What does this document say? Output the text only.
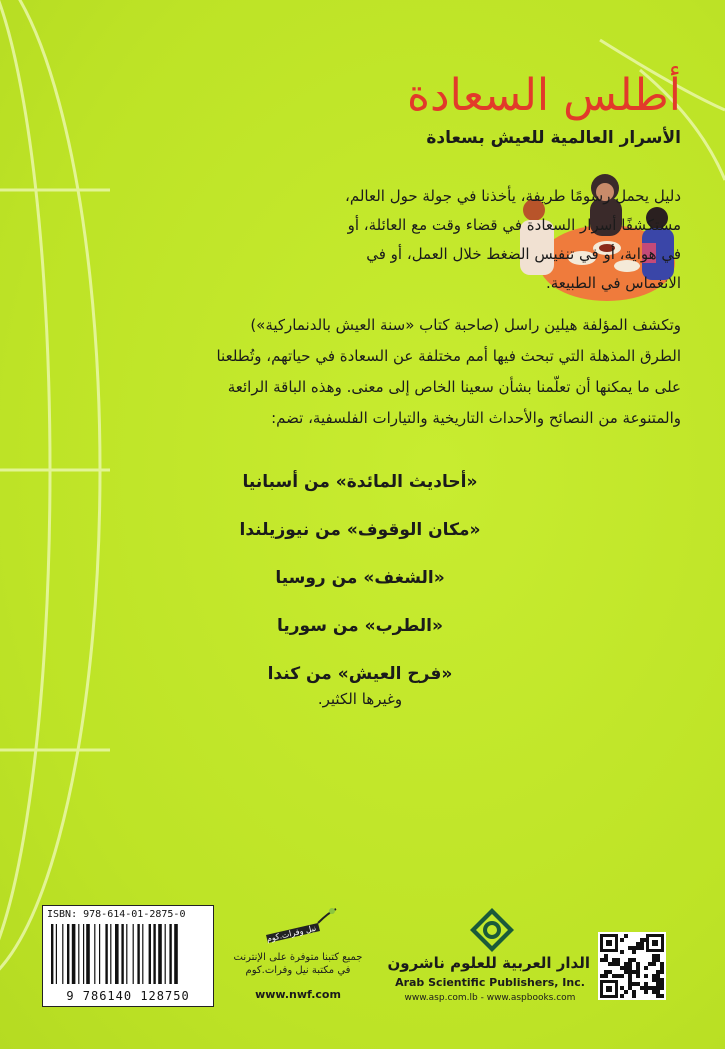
أطلس السعادة
الأسرار العالمية للعيش بسعادة
دليل يحمل رسومًا طريفة، يأخذنا في جولة حول العالم،
مستكشفًا أسرار السعادة في قضاء وقت مع العائلة، أو
في هواية، أو في تنفيس الضغط خلال العمل، أو في
الانغماس في الطبيعة.
وتكشف المؤلفة هيلين راسل (صاحبة كتاب «سنة العيش بالدنماركية»)
الطرق المذهلة التي تبحث فيها أمم مختلفة عن السعادة في حياتهم، وتُطلعنا
على ما يمكنها أن تعلّمنا بشأن سعينا الخاص إلى معنى. وهذه الباقة الرائعة
والمتنوعة من النصائح والأحداث التاريخية والتيارات الفلسفية، تضم:
«أحاديث المائدة» من أسبانيا
«مكان الوقوف» من نيوزيلندا
«الشغف» من روسيا
«الطرب» من سوريا
«فرح العيش» من كندا
وغيرها الكثير.
ISBN: 978-614-01-2875-0
9 786140 128750
نيل وفرات.كوم
جميع كتبنا متوفرة على الإنترنت في مكتبة نيل وفرات.كوم
www.nwf.com
الدار العربية للعلوم ناشرون
Arab Scientific Publishers, Inc.
www.asp.com.lb - www.aspbooks.com
